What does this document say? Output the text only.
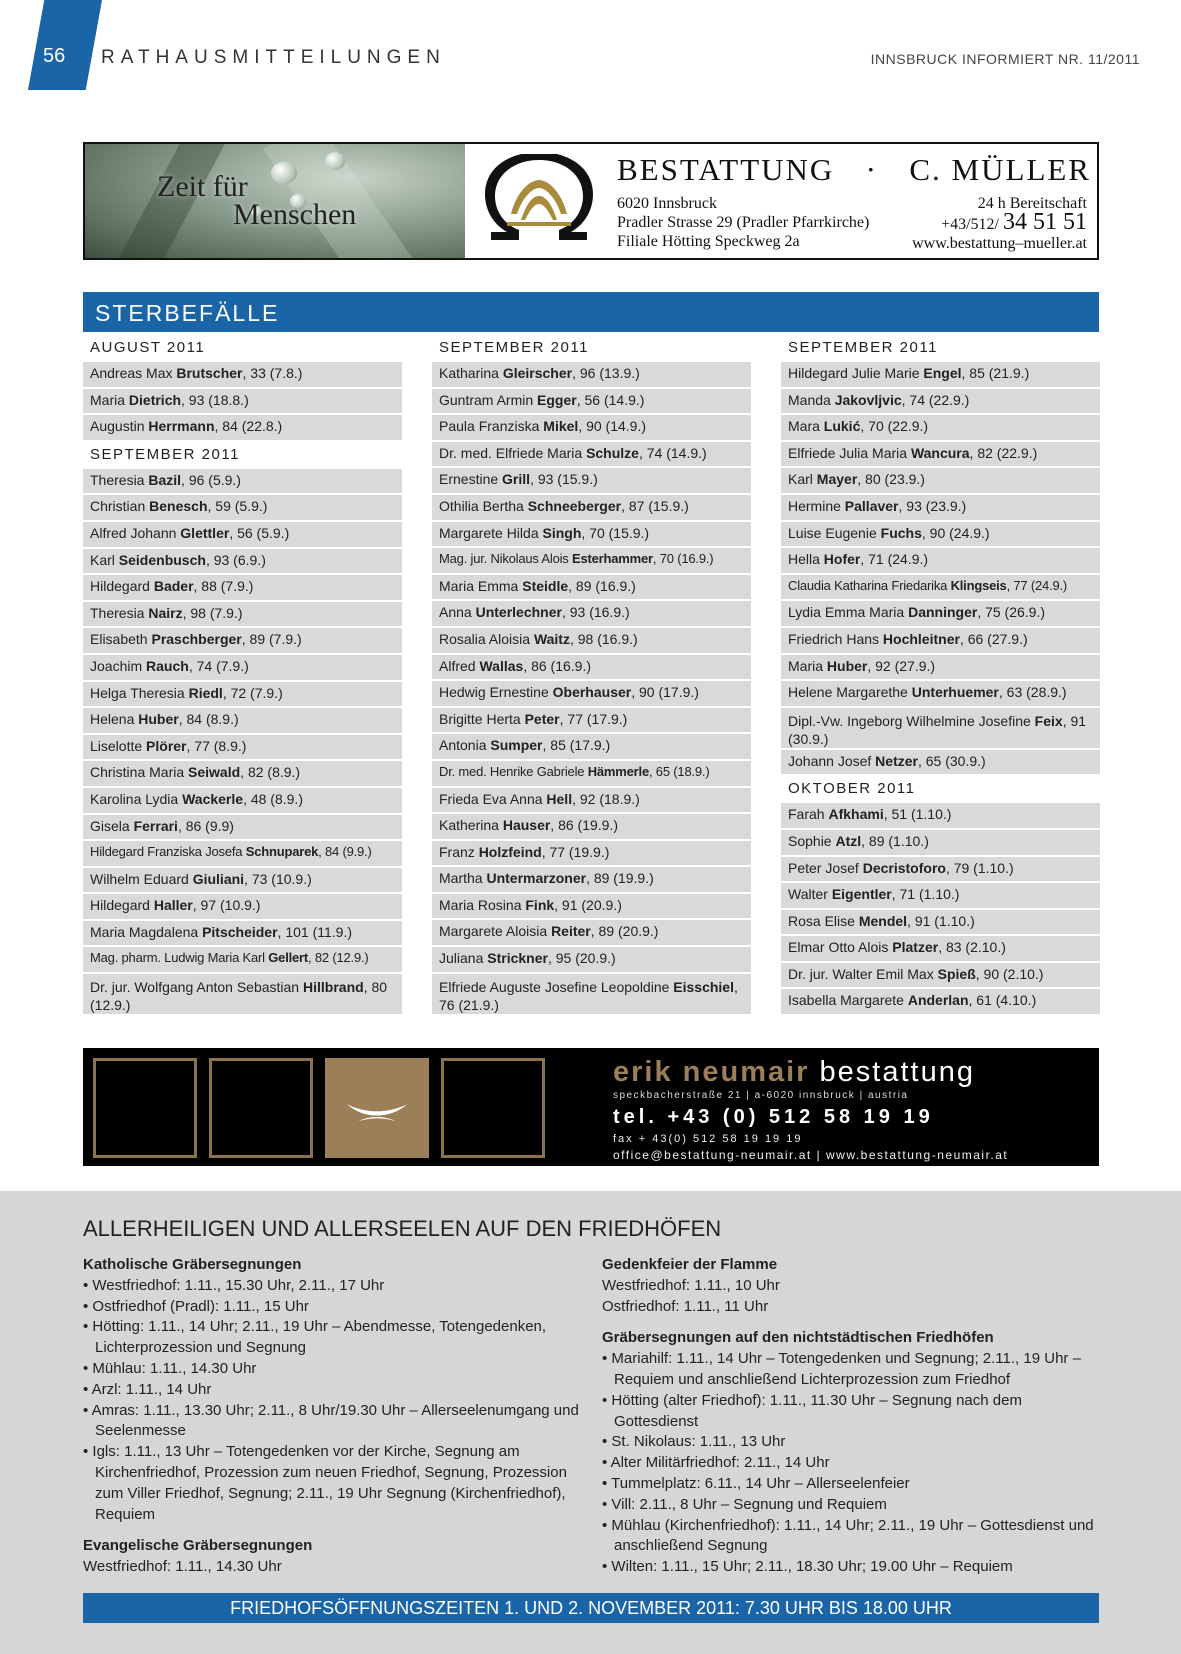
56 RATHAUSMITTEILUNGEN	INNSBRUCK INFORMIERT NR. 11/2011
Zeit für
Menschen
BESTATTUNG · C. MÜLLER
6020 Innsbruck
Pradler Strasse 29 (Pradler Pfarrkirche)
Filiale Hötting Speckweg 2a
24 h Bereitschaft
+43/512/ 34 51 51
www.bestattung–mueller.at
STERBEFÄLLE
AUGUST 2011
Andreas Max Brutscher, 33 (7.8.)
Maria Dietrich, 93 (18.8.)
Augustin Herrmann, 84 (22.8.)
SEPTEMBER 2011
Theresia Bazil, 96 (5.9.)
Christian Benesch, 59 (5.9.)
Alfred Johann Glettler, 56 (5.9.)
Karl Seidenbusch, 93 (6.9.)
Hildegard Bader, 88 (7.9.)
Theresia Nairz, 98 (7.9.)
Elisabeth Praschberger, 89 (7.9.)
Joachim Rauch, 74 (7.9.)
Helga Theresia Riedl, 72 (7.9.)
Helena Huber, 84 (8.9.)
Liselotte Plörer, 77 (8.9.)
Christina Maria Seiwald, 82 (8.9.)
Karolina Lydia Wackerle, 48 (8.9.)
Gisela Ferrari, 86 (9.9)
Hildegard Franziska Josefa Schnuparek, 84 (9.9.)
Wilhelm Eduard Giuliani, 73 (10.9.)
Hildegard Haller, 97 (10.9.)
Maria Magdalena Pitscheider, 101 (11.9.)
Mag. pharm. Ludwig Maria Karl Gellert, 82 (12.9.)
Dr. jur. Wolfgang Anton Sebastian Hillbrand, 80 (12.9.)
SEPTEMBER 2011
Katharina Gleirscher, 96 (13.9.)
Guntram Armin Egger, 56 (14.9.)
Paula Franziska Mikel, 90 (14.9.)
Dr. med. Elfriede Maria Schulze, 74 (14.9.)
Ernestine Grill, 93 (15.9.)
Othilia Bertha Schneeberger, 87 (15.9.)
Margarete Hilda Singh, 70 (15.9.)
Mag. jur. Nikolaus Alois Esterhammer, 70 (16.9.)
Maria Emma Steidle, 89 (16.9.)
Anna Unterlechner, 93 (16.9.)
Rosalia Aloisia Waitz, 98 (16.9.)
Alfred Wallas, 86 (16.9.)
Hedwig Ernestine Oberhauser, 90 (17.9.)
Brigitte Herta Peter, 77 (17.9.)
Antonia Sumper, 85 (17.9.)
Dr. med. Henrike Gabriele Hämmerle, 65 (18.9.)
Frieda Eva Anna Hell, 92 (18.9.)
Katherina Hauser, 86 (19.9.)
Franz Holzfeind, 77 (19.9.)
Martha Untermarzoner, 89 (19.9.)
Maria Rosina Fink, 91 (20.9.)
Margarete Aloisia Reiter, 89 (20.9.)
Juliana Strickner, 95 (20.9.)
Elfriede Auguste Josefine Leopoldine Eisschiel, 76 (21.9.)
SEPTEMBER 2011
Hildegard Julie Marie Engel, 85 (21.9.)
Manda Jakovljvic, 74 (22.9.)
Mara Lukić, 70 (22.9.)
Elfriede Julia Maria Wancura, 82 (22.9.)
Karl Mayer, 80 (23.9.)
Hermine Pallaver, 93 (23.9.)
Luise Eugenie Fuchs, 90 (24.9.)
Hella Hofer, 71 (24.9.)
Claudia Katharina Friedarika Klingseis, 77 (24.9.)
Lydia Emma Maria Danninger, 75 (26.9.)
Friedrich Hans Hochleitner, 66 (27.9.)
Maria Huber, 92 (27.9.)
Helene Margarethe Unterhuemer, 63 (28.9.)
Dipl.-Vw. Ingeborg Wilhelmine Josefine Feix, 91 (30.9.)
Johann Josef Netzer, 65 (30.9.)
OKTOBER 2011
Farah Afkhami, 51 (1.10.)
Sophie Atzl, 89 (1.10.)
Peter Josef Decristoforo, 79 (1.10.)
Walter Eigentler, 71 (1.10.)
Rosa Elise Mendel, 91 (1.10.)
Elmar Otto Alois Platzer, 83 (2.10.)
Dr. jur. Walter Emil Max Spieß, 90 (2.10.)
Isabella Margarete Anderlan, 61 (4.10.)
erik neumair bestattung
speckbacherstraße 21 | a-6020 innsbruck | austria
tel. +43 (0) 512 58 19 19
fax + 43(0) 512 58 19 19 19
office@bestattung-neumair.at | www.bestattung-neumair.at
ALLERHEILIGEN UND ALLERSEELEN AUF DEN FRIEDHÖFEN
Katholische Gräbersegnungen
• Westfriedhof: 1.11., 15.30 Uhr, 2.11., 17 Uhr
• Ostfriedhof (Pradl): 1.11., 15 Uhr
• Hötting: 1.11., 14 Uhr; 2.11., 19 Uhr – Abendmesse, Totengedenken, Lichterprozession und Segnung
• Mühlau: 1.11., 14.30 Uhr
• Arzl: 1.11., 14 Uhr
• Amras: 1.11., 13.30 Uhr; 2.11., 8 Uhr/19.30 Uhr – Allerseelenumgang und Seelenmesse
• Igls: 1.11., 13 Uhr – Totengedenken vor der Kirche, Segnung am Kirchenfriedhof, Prozession zum neuen Friedhof, Segnung, Prozession zum Viller Friedhof, Segnung; 2.11., 19 Uhr Segnung (Kirchenfriedhof), Requiem
Evangelische Gräbersegnungen
Westfriedhof: 1.11., 14.30 Uhr
Gedenkfeier der Flamme
Westfriedhof: 1.11., 10 Uhr
Ostfriedhof: 1.11., 11 Uhr
Gräbersegnungen auf den nichtstädtischen Friedhöfen
• Mariahilf: 1.11., 14 Uhr – Totengedenken und Segnung; 2.11., 19 Uhr – Requiem und anschließend Lichterprozession zum Friedhof
• Hötting (alter Friedhof): 1.11., 11.30 Uhr – Segnung nach dem Gottesdienst
• St. Nikolaus: 1.11., 13 Uhr
• Alter Militärfriedhof: 2.11., 14 Uhr
• Tummelplatz: 6.11., 14 Uhr – Allerseelenfeier
• Vill: 2.11., 8 Uhr – Segnung und Requiem
• Mühlau (Kirchenfriedhof): 1.11., 14 Uhr; 2.11., 19 Uhr – Gottesdienst und anschließend Segnung
• Wilten: 1.11., 15 Uhr; 2.11., 18.30 Uhr; 19.00 Uhr – Requiem
FRIEDHOFSÖFFNUNGSZEITEN 1. UND 2. NOVEMBER 2011: 7.30 UHR BIS 18.00 UHR
